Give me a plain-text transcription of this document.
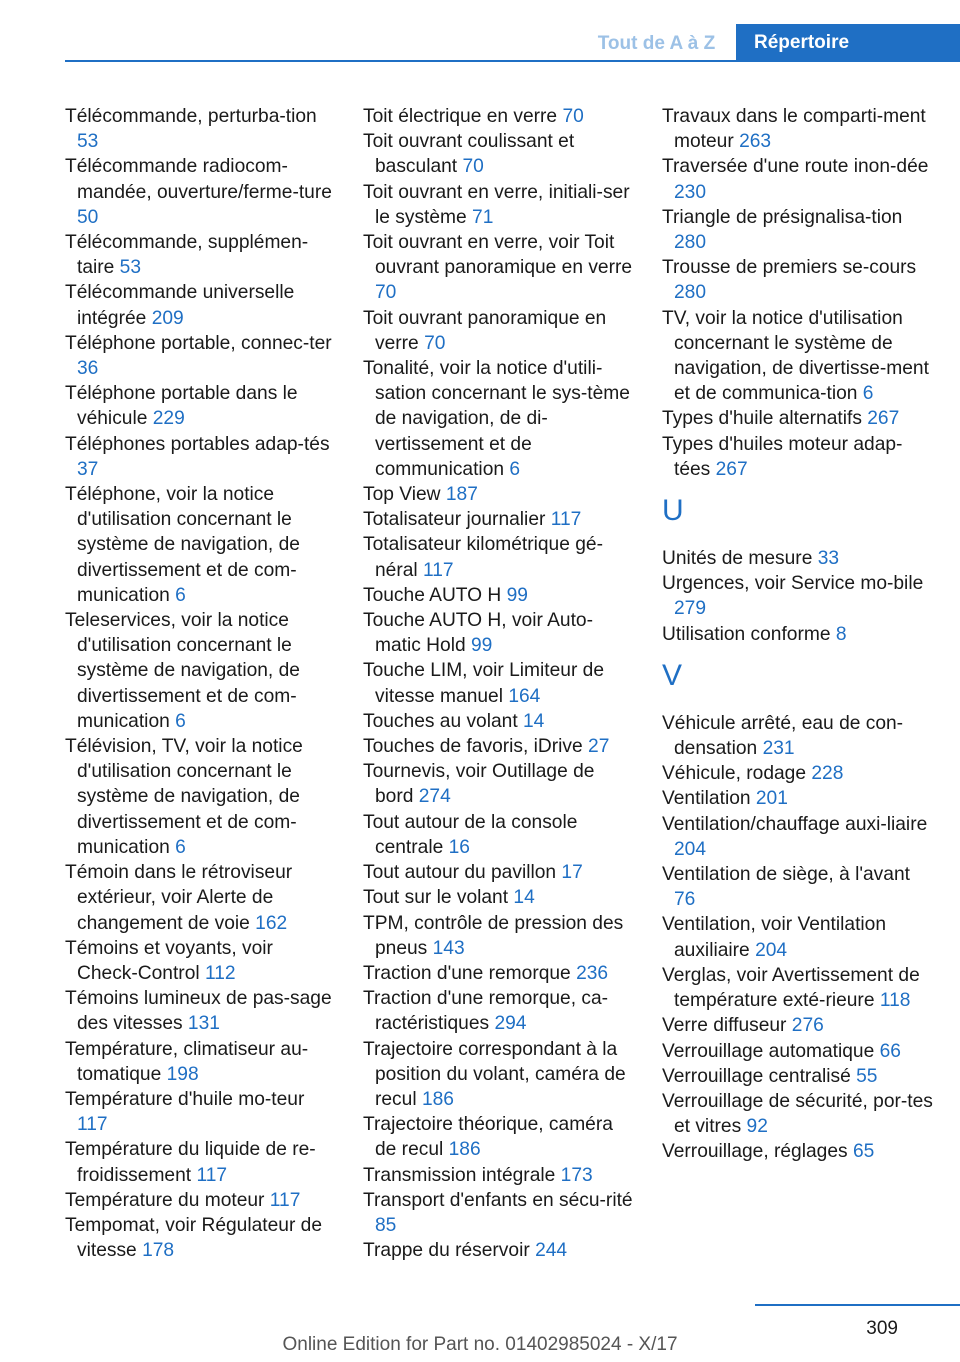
Tout de A à Z	Répertoire

Télécommande, perturba-tion 53

Télécommande radiocom-mandée, ouverture/ferme-ture 50

Télécommande, supplémen-taire 53

Télécommande universelle intégrée 209

Téléphone portable, connec-ter 36

Téléphone portable dans le véhicule 229

Téléphones portables adap-tés 37

Téléphone, voir la notice d'utilisation concernant le système de navigation, de divertissement et de com-munication 6

Teleservices, voir la notice d'utilisation concernant le système de navigation, de divertissement et de com-munication 6

Télévision, TV, voir la notice d'utilisation concernant le système de navigation, de divertissement et de com-munication 6

Témoin dans le rétroviseur extérieur, voir Alerte de changement de voie 162

Témoins et voyants, voir Check-Control 112

Témoins lumineux de pas-sage des vitesses 131

Température, climatiseur au-tomatique 198

Température d'huile mo-teur 117

Température du liquide de re-froidissement 117

Température du moteur 117

Tempomat, voir Régulateur de vitesse 178

Toit électrique en verre 70

Toit ouvrant coulissant et basculant 70

Toit ouvrant en verre, initiali-ser le système 71

Toit ouvrant en verre, voir Toit ouvrant panoramique en verre 70

Toit ouvrant panoramique en verre 70

Tonalité, voir la notice d'utili-sation concernant le sys-tème de navigation, de di-vertissement et de communication 6

Top View 187

Totalisateur journalier 117

Totalisateur kilométrique gé-néral 117

Touche AUTO H 99

Touche AUTO H, voir Auto-matic Hold 99

Touche LIM, voir Limiteur de vitesse manuel 164

Touches au volant 14

Touches de favoris, iDrive 27

Tournevis, voir Outillage de bord 274

Tout autour de la console centrale 16

Tout autour du pavillon 17

Tout sur le volant 14

TPM, contrôle de pression des pneus 143

Traction d'une remorque 236

Traction d'une remorque, ca-ractéristiques 294

Trajectoire correspondant à la position du volant, caméra de recul 186

Trajectoire théorique, caméra de recul 186

Transmission intégrale 173

Transport d'enfants en sécu-rité 85

Trappe du réservoir 244

Travaux dans le comparti-ment moteur 263

Traversée d'une route inon-dée 230

Triangle de présignalisa-tion 280

Trousse de premiers se-cours 280

TV, voir la notice d'utilisation concernant le système de navigation, de divertisse-ment et de communica-tion 6

Types d'huile alternatifs 267

Types d'huiles moteur adap-tées 267

U

Unités de mesure 33

Urgences, voir Service mo-bile 279

Utilisation conforme 8

V

Véhicule arrêté, eau de con-densation 231

Véhicule, rodage 228

Ventilation 201

Ventilation/chauffage auxi-liaire 204

Ventilation de siège, à l'avant 76

Ventilation, voir Ventilation auxiliaire 204

Verglas, voir Avertissement de température exté-rieure 118

Verre diffuseur 276

Verrouillage automatique 66

Verrouillage centralisé 55

Verrouillage de sécurité, por-tes et vitres 92

Verrouillage, réglages 65

309
Online Edition for Part no. 01402985024 - X/17
